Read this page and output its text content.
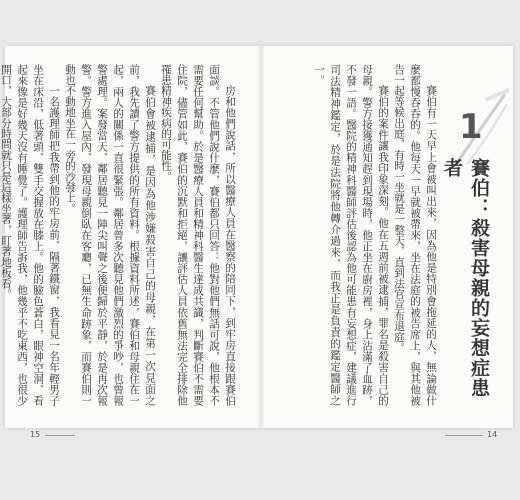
房和他們說話，所以醫療人員在醫察的陪同下，到牢房直接跟賽伯面談。不管他們說什麼，賽伯都只回答：他對他們無話可說，他根本不需要任何幫助。於是醫療人員和精神科醫生達成共識，判斷賽伯不需要住院，儘管如此，賽伯的沉默和拒絕，讓評估人員依舊無法完全排除他罹患精神疾病的可能性。

賽伯會被逮捕，是因為他涉嫌殺害自己的母親，在第一次見面之前，我先讀了警方提供的所有資料。根據資料所述，賽伯和母親住在一起，兩人的關係一直很緊張。鄰居曾多次聽見他們激烈的爭吵，也曾報警處理。案發當天，鄰居聽見一陣尖叫聲之後便歸於平靜，於是再次報警。警方進入屋內，發現母親倒臥在客廳，已無生命跡象，而賽伯則一動也不動地坐在一旁的沙發上。

一名護理師把我帶到他的牢房前，隔著鐵窗，我看見一名年輕男子坐在床沿，低著頭，雙手交握放在膝上。他的臉色蒼白，眼神空洞，看起來像是好幾天沒有睡覺了。護理師告訴我，他幾乎不吃東西，也很少開口，大部分時間就只是這樣坐著，盯著地板看。	賽伯有一天早上會被叫出來，因為他是特別會拖延的人，無論做什麼都慢吞吞的。他每天一早就被帶來，坐在法庭的被告席上，與其他被告一起等候出庭，有時一坐就是一整天，直到法官宣布退庭。

賽伯的案件讓我印象深刻。他在五週前被逮捕，罪名是殺害自己的母親。警方接獲通知趕到現場時，他正坐在廚房裡，身上沾滿了血跡，不發一語。醫院的精神科醫師評估後認為他可能患有妄想症，建議進行司法精神鑑定，於是法院將他轉介過來，而我正是負責的鑑定醫師之一。

1
賽伯：殺害母親的妄想症患者
15	14
